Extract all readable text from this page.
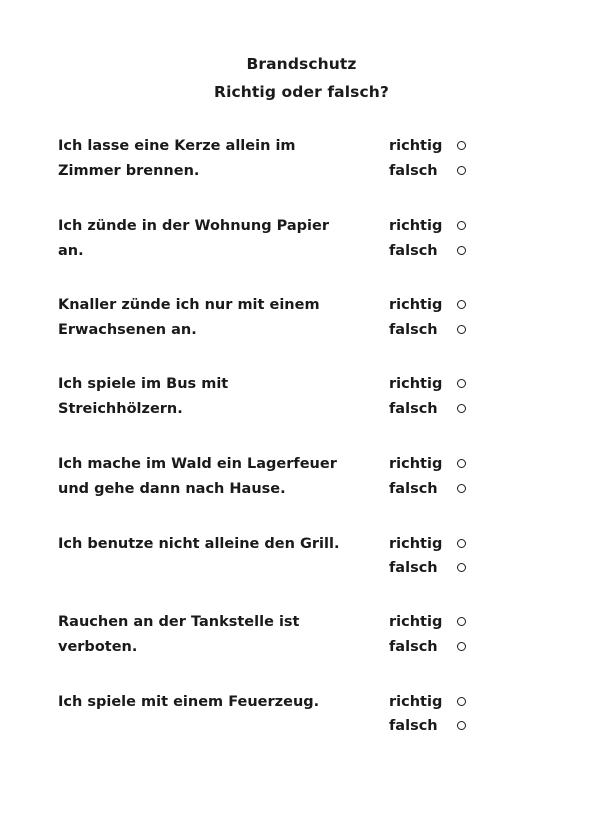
Brandschutz
Richtig oder falsch?
Ich lasse eine Kerze allein im
Zimmer brennen.
richtig
falsch
Ich zünde in der Wohnung Papier
an.
richtig
falsch
Knaller zünde ich nur mit einem
Erwachsenen an.
richtig
falsch
Ich spiele im Bus mit
Streichhölzern.
richtig
falsch
Ich mache im Wald ein Lagerfeuer
und gehe dann nach Hause.
richtig
falsch
Ich benutze nicht alleine den Grill.	richtig
falsch
Rauchen an der Tankstelle ist
verboten.
richtig
falsch
Ich spiele mit einem Feuerzeug.	richtig
falsch
